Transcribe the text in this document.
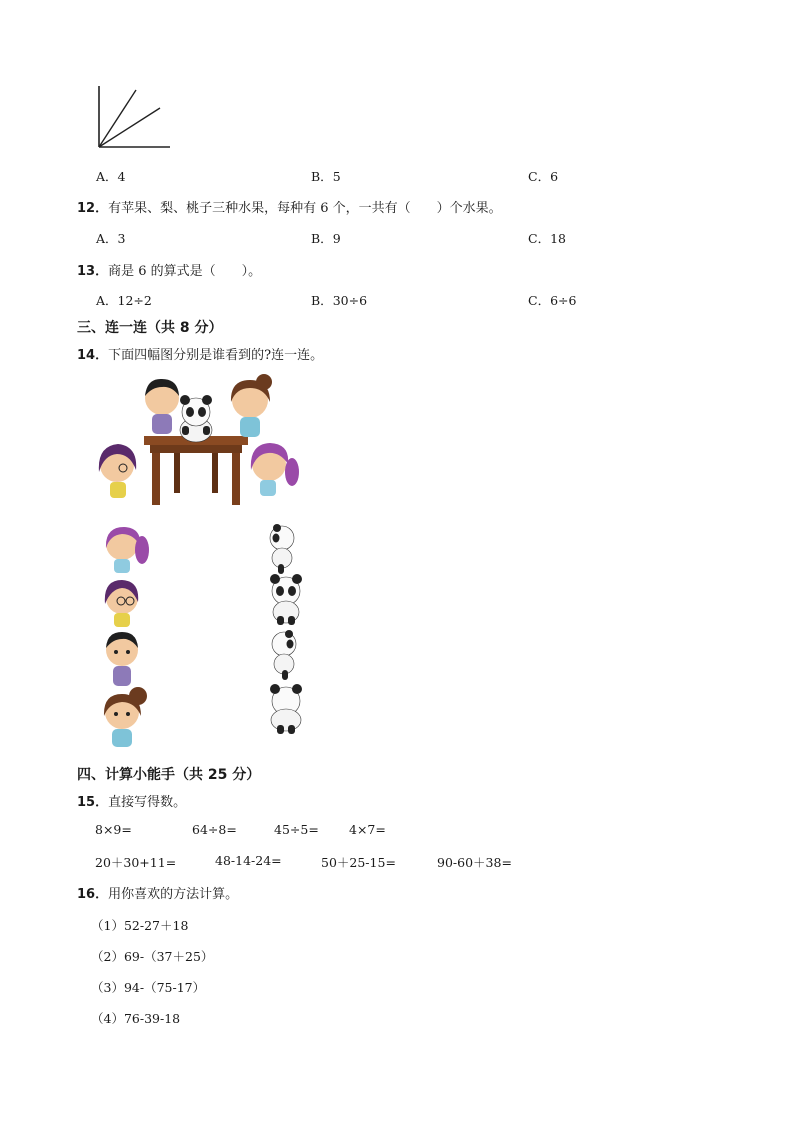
A．4	B．5	C．6
12．有苹果、梨、桃子三种水果，每种有 6 个，一共有（　　）个水果。
A．3	B．9	C．18
13．商是 6 的算式是（　　）。
A．12÷2	B．30÷6	C．6÷6
三、连一连（共 8 分）
14．下面四幅图分别是谁看到的?连一连。
四、计算小能手（共 25 分）
15．直接写得数。
8×9=	64÷8=	45÷5= 4×7=
20＋30+11=	48-14-24=	50＋25-15=	90-60＋38=
16．用你喜欢的方法计算。
（1）52-27＋18
（2）69-（37＋25）
（3）94-（75-17）
（4）76-39-18
